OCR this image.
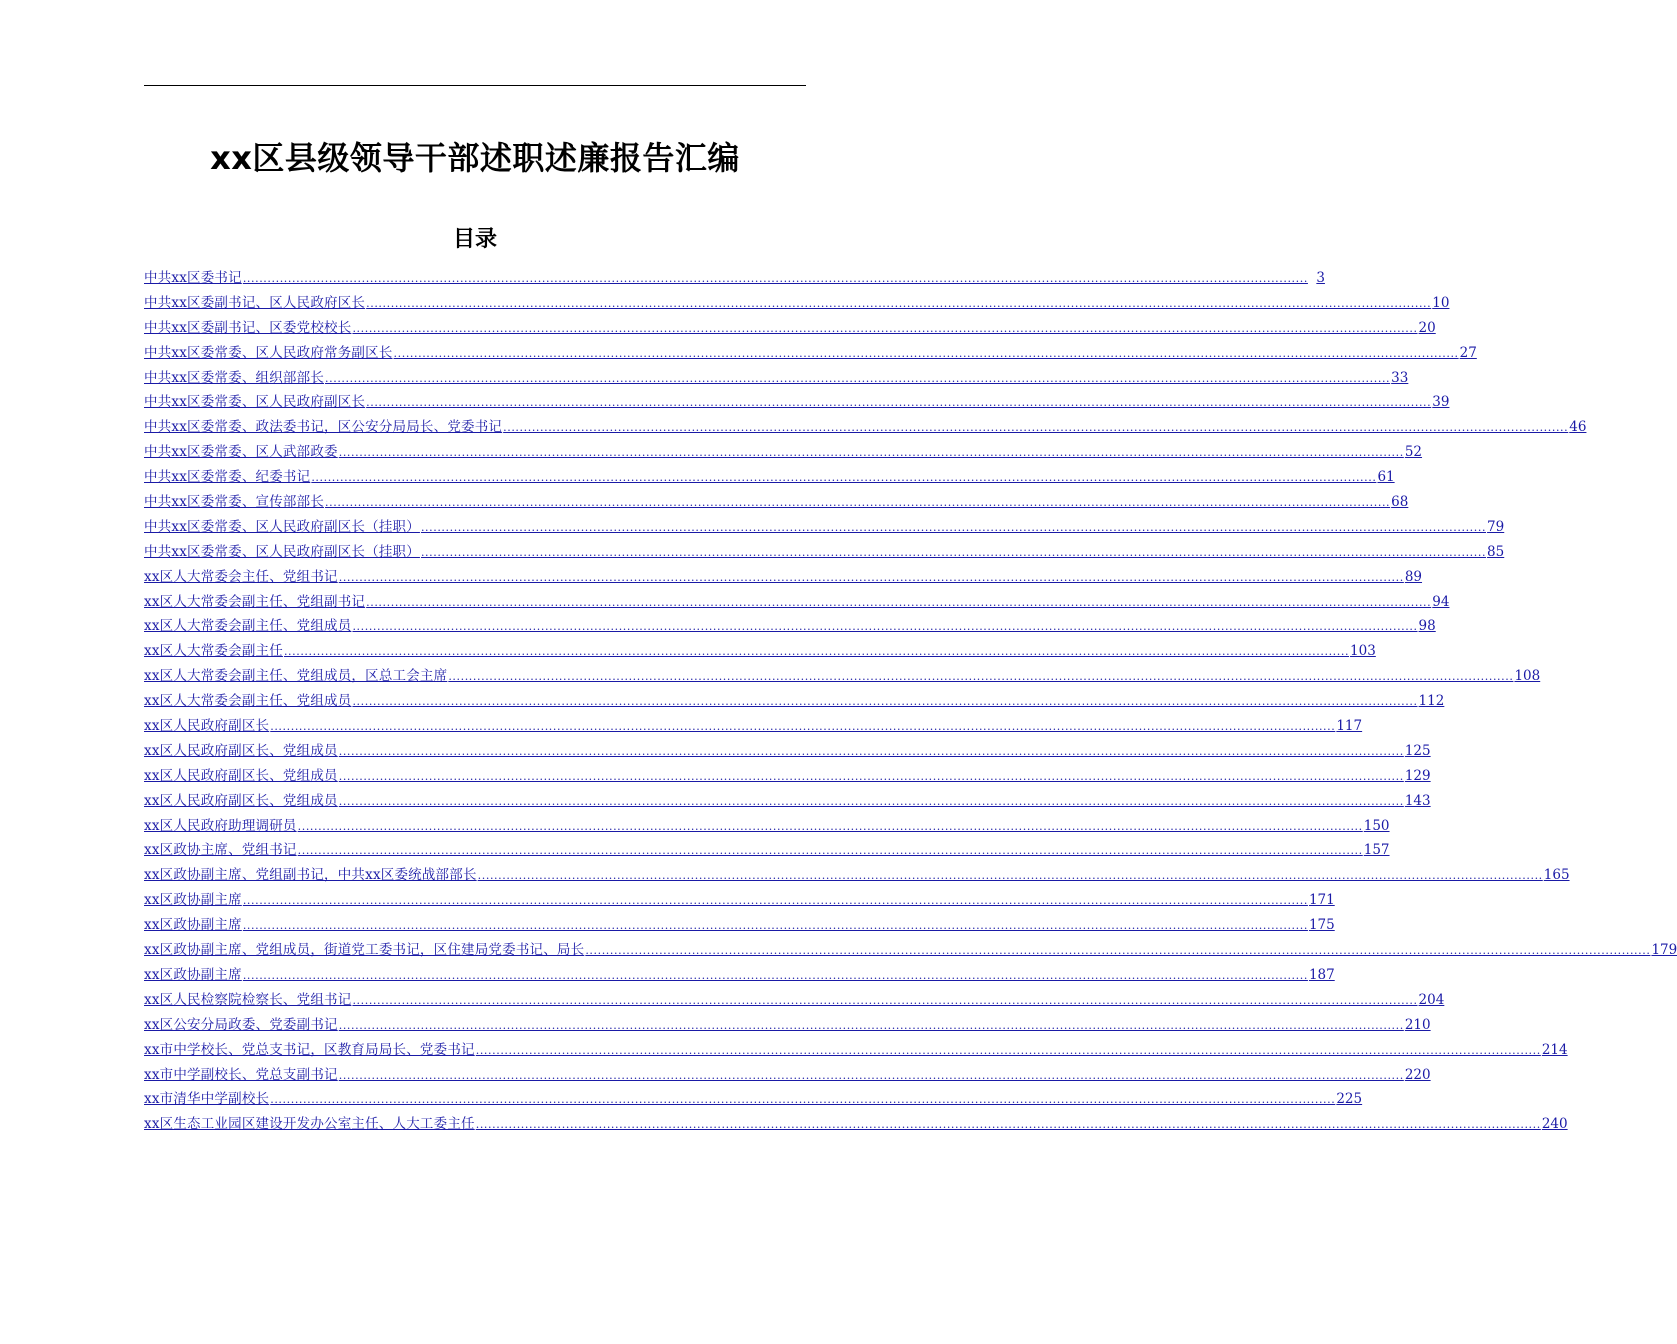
xx区县级领导干部述职述廉报告汇编
目录
中共xx区委书记 .................................................................................................................................................................................................................................................................... 3
中共xx区委副书记、区人民政府区长 .................................................................................................................................................................................................................................................................... 10
中共xx区委副书记、区委党校校长 .................................................................................................................................................................................................................................................................... 20
中共xx区委常委、区人民政府常务副区长 .................................................................................................................................................................................................................................................................... 27
中共xx区委常委、组织部部长 .................................................................................................................................................................................................................................................................... 33
中共xx区委常委、区人民政府副区长 .................................................................................................................................................................................................................................................................... 39
中共xx区委常委、政法委书记，区公安分局局长、党委书记 .................................................................................................................................................................................................................................................................... 46
中共xx区委常委、区人武部政委 .................................................................................................................................................................................................................................................................... 52
中共xx区委常委、纪委书记 .................................................................................................................................................................................................................................................................... 61
中共xx区委常委、宣传部部长 .................................................................................................................................................................................................................................................................... 68
中共xx区委常委、区人民政府副区长（挂职） .................................................................................................................................................................................................................................................................... 79
中共xx区委常委、区人民政府副区长（挂职） .................................................................................................................................................................................................................................................................... 85
xx区人大常委会主任、党组书记 .................................................................................................................................................................................................................................................................... 89
xx区人大常委会副主任、党组副书记 .................................................................................................................................................................................................................................................................... 94
xx区人大常委会副主任、党组成员 .................................................................................................................................................................................................................................................................... 98
xx区人大常委会副主任 .................................................................................................................................................................................................................................................................... 103
xx区人大常委会副主任、党组成员，区总工会主席 .................................................................................................................................................................................................................................................................... 108
xx区人大常委会副主任、党组成员 .................................................................................................................................................................................................................................................................... 112
xx区人民政府副区长 .................................................................................................................................................................................................................................................................... 117
xx区人民政府副区长、党组成员 .................................................................................................................................................................................................................................................................... 125
xx区人民政府副区长、党组成员 .................................................................................................................................................................................................................................................................... 129
xx区人民政府副区长、党组成员 .................................................................................................................................................................................................................................................................... 143
xx区人民政府助理调研员 .................................................................................................................................................................................................................................................................... 150
xx区政协主席、党组书记 .................................................................................................................................................................................................................................................................... 157
xx区政协副主席、党组副书记，中共xx区委统战部部长 .................................................................................................................................................................................................................................................................... 165
xx区政协副主席 .................................................................................................................................................................................................................................................................... 171
xx区政协副主席 .................................................................................................................................................................................................................................................................... 175
xx区政协副主席、党组成员，街道党工委书记，区住建局党委书记、局长 .................................................................................................................................................................................................................................................................... 179
xx区政协副主席 .................................................................................................................................................................................................................................................................... 187
xx区人民检察院检察长、党组书记 .................................................................................................................................................................................................................................................................... 204
xx区公安分局政委、党委副书记 .................................................................................................................................................................................................................................................................... 210
xx市中学校长、党总支书记，区教育局局长、党委书记 .................................................................................................................................................................................................................................................................... 214
xx市中学副校长、党总支副书记 .................................................................................................................................................................................................................................................................... 220
xx市清华中学副校长 .................................................................................................................................................................................................................................................................... 225
xx区生态工业园区建设开发办公室主任、人大工委主任 .................................................................................................................................................................................................................................................................... 240
